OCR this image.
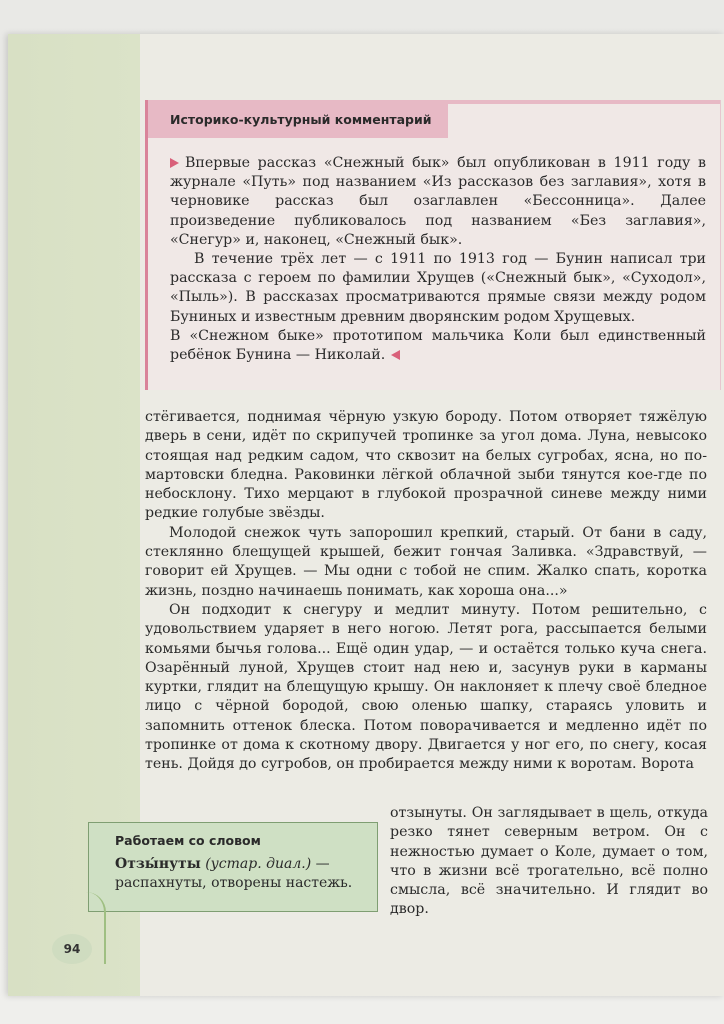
Историко-культурный комментарий

Впервые рассказ «Снежный бык» был опубликован в 1911 году в журнале «Путь» под названием «Из рассказов без заглавия», хотя в черновике рассказ был озаглавлен «Бессонница». Далее произведение публиковалось под названием «Без заглавия», «Снегур» и, наконец, «Снежный бык».

В течение трёх лет — с 1911 по 1913 год — Бунин написал три рассказа с героем по фамилии Хрущев («Снежный бык», «Суходол», «Пыль»). В рассказах просматриваются прямые связи между родом Буниных и известным древним дворянским родом Хрущевых.

В «Снежном быке» прототипом мальчика Коли был единственный ребёнок Бунина — Николай.

стёгивается, поднимая чёрную узкую бороду. Потом отворяет тяжёлую дверь в сени, идёт по скрипучей тропинке за угол дома. Луна, невысоко стоящая над редким садом, что сквозит на белых сугробах, ясна, но по-мартовски бледна. Раковинки лёгкой облачной зыби тянутся кое-где по небосклону. Тихо мерцают в глубокой прозрачной синеве между ними редкие голубые звёзды.

Молодой снежок чуть запорошил крепкий, старый. От бани в саду, стеклянно блещущей крышей, бежит гончая Заливка. «Здравствуй, — говорит ей Хрущев. — Мы одни с тобой не спим. Жалко спать, коротка жизнь, поздно начинаешь понимать, как хороша она...»

Он подходит к снегуру и медлит минуту. Потом решительно, с удовольствием ударяет в него ногою. Летят рога, рассыпается белыми комьями бычья голова... Ещё один удар, — и остаётся только куча снега. Озарённый луной, Хрущев стоит над нею и, засунув руки в карманы куртки, глядит на блещущую крышу. Он наклоняет к плечу своё бледное лицо с чёрной бородой, свою оленью шапку, стараясь уловить и запомнить оттенок блеска. Потом поворачивается и медленно идёт по тропинке от дома к скотному двору. Двигается у ног его, по снегу, косая тень. Дойдя до сугробов, он пробирается между ними к воротам. Ворота

отзынуты. Он заглядывает в щель, откуда резко тянет северным ветром. Он с нежностью думает о Коле, думает о том, что в жизни всё трогательно, всё полно смысла, всё значительно. И глядит во двор.

Работаем со словом
Отзы́нуты (устар. диал.) — распахнуты, отворены настежь.
94
